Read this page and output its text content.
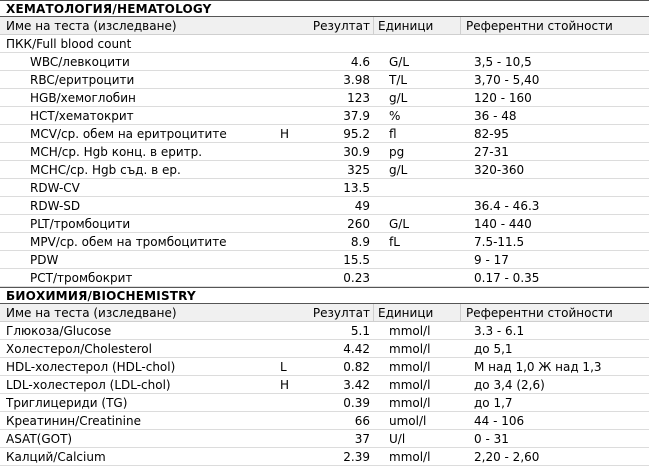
ХЕМАТОЛОГИЯ/HEMATOLOGY
Име на теста (изследване)	Резултат Единици	Референтни стойности
ПКК/Full blood count
WBC/левкоцити	4.6 G/L	3,5 - 10,5
RBC/еритроцити	3.98 T/L	3,70 - 5,40
HGB/хемоглобин	123 g/L	120 - 160
HCT/хематокрит	37.9 %	36 - 48
MCV/ср. обем на еритроцитите	H	95.2 fl	82-95
MCH/ср. Hgb конц. в еритр.	30.9 pg	27-31
MCHC/ср. Hgb съд. в ер.	325 g/L	320-360
RDW-CV	13.5
RDW-SD	49	36.4 - 46.3
PLT/тромбоцити	260 G/L	140 - 440
MPV/ср. обем на тромбоцитите	8.9 fL	7.5-11.5
PDW	15.5	9 - 17
PCT/тромбокрит	0.23	0.17 - 0.35
БИОХИМИЯ/BIOCHEMISTRY
Име на теста (изследване)	Резултат Единици	Референтни стойности
Глюкоза/Glucose	5.1 mmol/l	3.3 - 6.1
Холестерол/Cholesterol	4.42 mmol/l	до 5,1
HDL-холестерол (HDL-chol)	L	0.82 mmol/l	М над 1,0 Ж над 1,3
LDL-холестерол (LDL-chol)	H	3.42 mmol/l	до 3,4 (2,6)
Триглицериди (TG)	0.39 mmol/l	до 1,7
Креатинин/Creatinine	66 umol/l	44 - 106
ASAT(GOT)	37 U/l	0 - 31
Калций/Calcium	2.39 mmol/l	2,20 - 2,60
